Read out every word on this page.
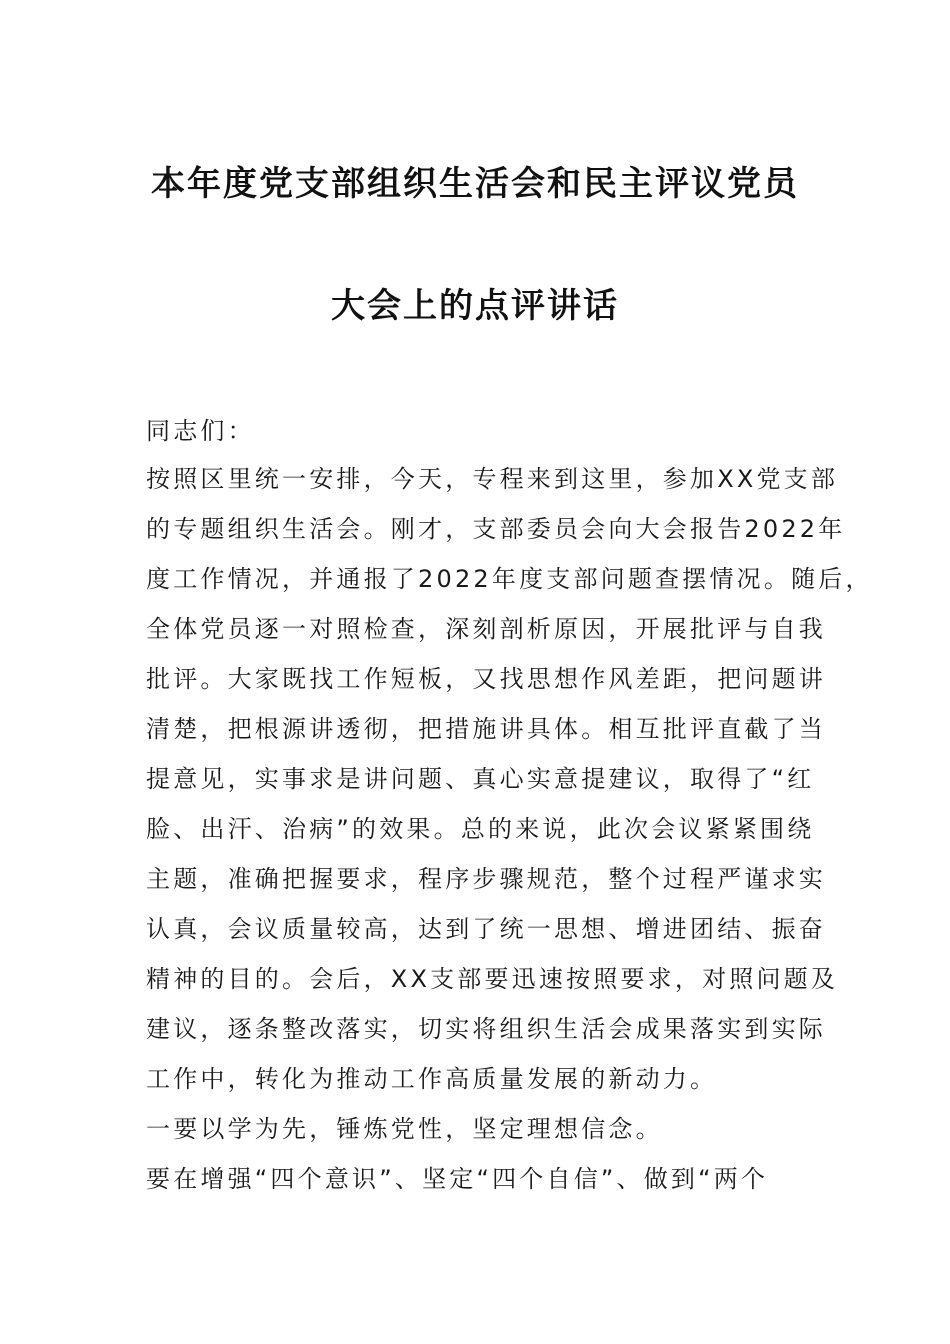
本年度党支部组织生活会和民主评议党员
大会上的点评讲话
同志们：
按照区里统一安排，今天，专程来到这里，参加XX党支部
的专题组织生活会。刚才，支部委员会向大会报告2022年
度工作情况，并通报了2022年度支部问题查摆情况。随后，
全体党员逐一对照检查，深刻剖析原因，开展批评与自我
批评。大家既找工作短板，又找思想作风差距，把问题讲
清楚，把根源讲透彻，把措施讲具体。相互批评直截了当
提意见，实事求是讲问题、真心实意提建议，取得了“红
脸、出汗、治病”的效果。总的来说，此次会议紧紧围绕
主题，准确把握要求，程序步骤规范，整个过程严谨求实
认真，会议质量较高，达到了统一思想、增进团结、振奋
精神的目的。会后，XX支部要迅速按照要求，对照问题及
建议，逐条整改落实，切实将组织生活会成果落实到实际
工作中，转化为推动工作高质量发展的新动力。
一要以学为先，锤炼党性，坚定理想信念。
要在增强“四个意识”、坚定“四个自信”、做到“两个
